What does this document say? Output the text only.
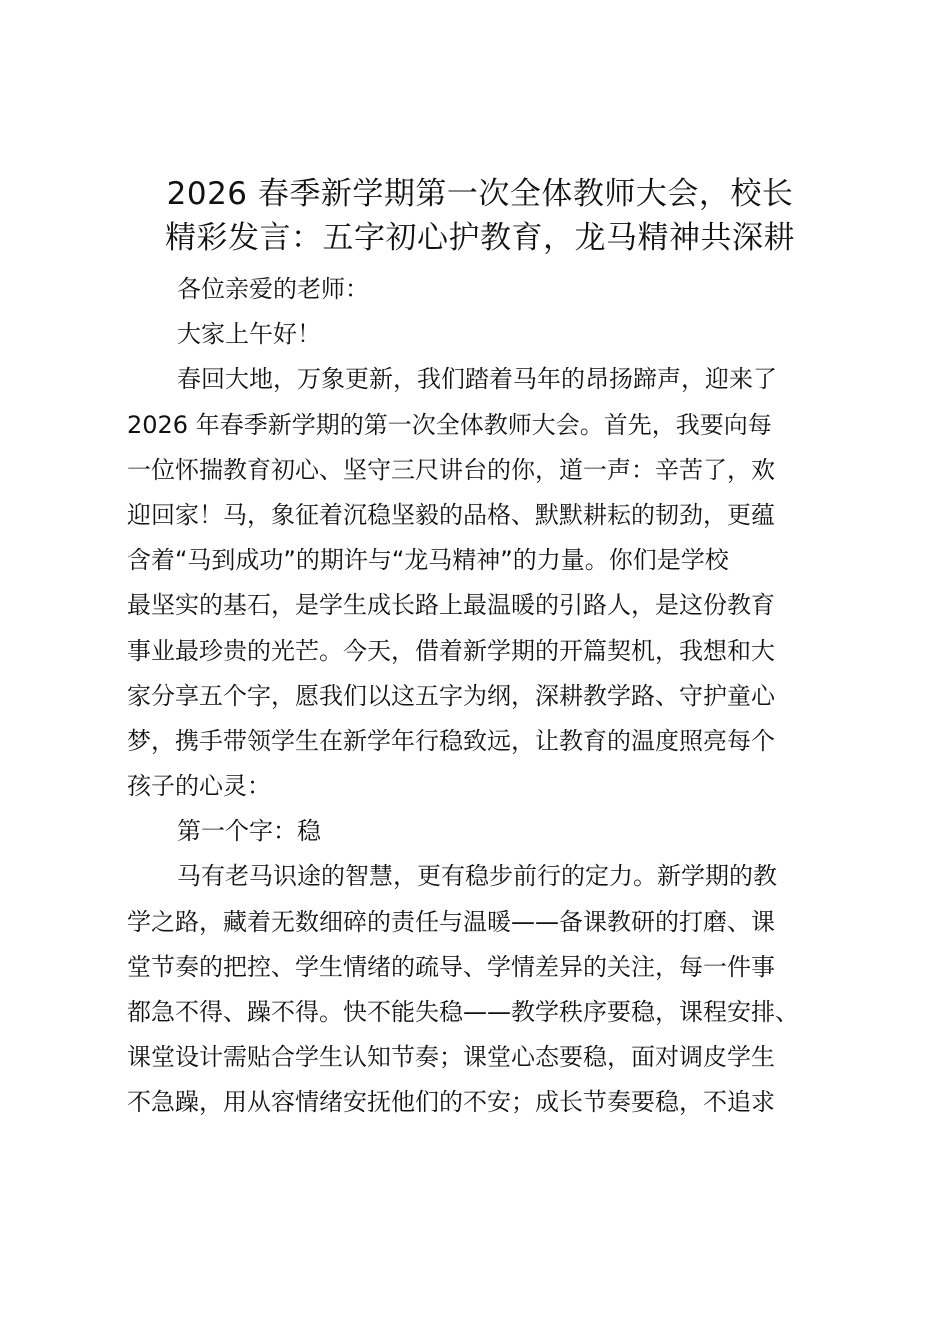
2026 春季新学期第一次全体教师大会，校长
精彩发言：五字初心护教育，龙马精神共深耕
各位亲爱的老师：
大家上午好！
春回大地，万象更新，我们踏着马年的昂扬蹄声，迎来了
2026 年春季新学期的第一次全体教师大会。首先，我要向每
一位怀揣教育初心、坚守三尺讲台的你，道一声：辛苦了，欢
迎回家！马，象征着沉稳坚毅的品格、默默耕耘的韧劲，更蕴
含着“马到成功”的期许与“龙马精神”的力量。你们是学校
最坚实的基石，是学生成长路上最温暖的引路人，是这份教育
事业最珍贵的光芒。今天，借着新学期的开篇契机，我想和大
家分享五个字，愿我们以这五字为纲，深耕教学路、守护童心
梦，携手带领学生在新学年行稳致远，让教育的温度照亮每个
孩子的心灵：
第一个字：稳
马有老马识途的智慧，更有稳步前行的定力。新学期的教
学之路，藏着无数细碎的责任与温暖——备课教研的打磨、课
堂节奏的把控、学生情绪的疏导、学情差异的关注，每一件事
都急不得、躁不得。快不能失稳——教学秩序要稳，课程安排、
课堂设计需贴合学生认知节奏；课堂心态要稳，面对调皮学生
不急躁，用从容情绪安抚他们的不安；成长节奏要稳，不追求
